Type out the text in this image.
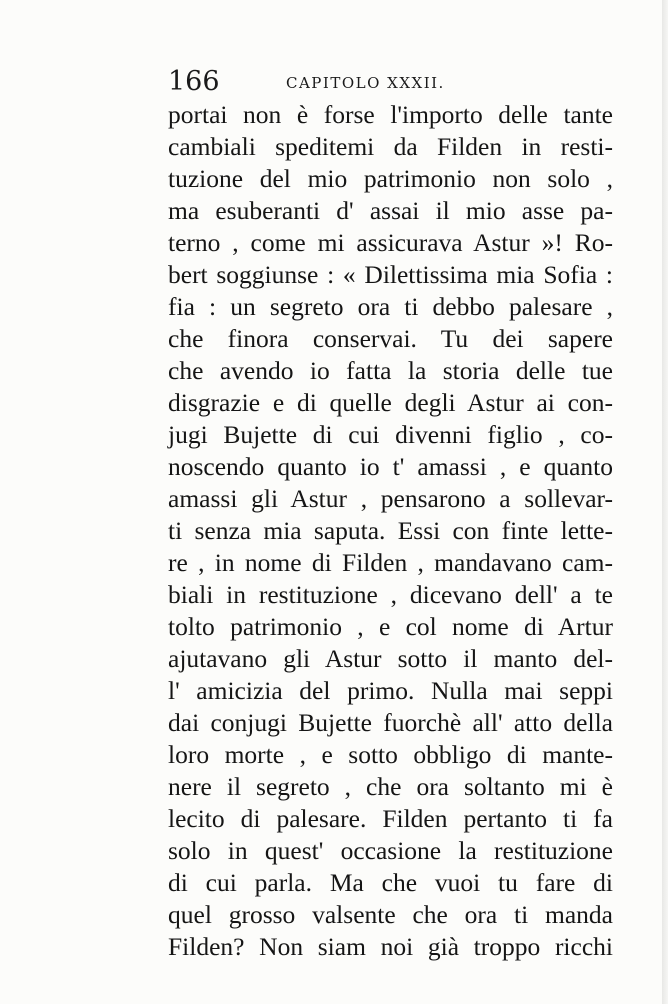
166	CAPITOLO XXXII.
portai non è forse l'importo delle tante
cambiali speditemi da Filden in resti-
tuzione del mio patrimonio non solo ,
ma esuberanti d' assai il mio asse pa-
terno , come mi assicurava Astur »! Ro-
bert soggiunse : « Dilettissima mia Sofia :
fia : un segreto ora ti debbo palesare ,
che finora conservai. Tu dei sapere
che avendo io fatta la storia delle tue
disgrazie e di quelle degli Astur ai con-
jugi Bujette di cui divenni figlio , co-
noscendo quanto io t' amassi , e quanto
amassi gli Astur , pensarono a sollevar-
ti senza mia saputa. Essi con finte lette-
re , in nome di Filden , mandavano cam-
biali in restituzione , dicevano dell' a te
tolto patrimonio , e col nome di Artur
ajutavano gli Astur sotto il manto del-
l' amicizia del primo. Nulla mai seppi
dai conjugi Bujette fuorchè all' atto della
loro morte , e sotto obbligo di mante-
nere il segreto , che ora soltanto mi è
lecito di palesare. Filden pertanto ti fa
solo in quest' occasione la restituzione
di cui parla. Ma che vuoi tu fare di
quel grosso valsente che ora ti manda
Filden? Non siam noi già troppo ricchi
